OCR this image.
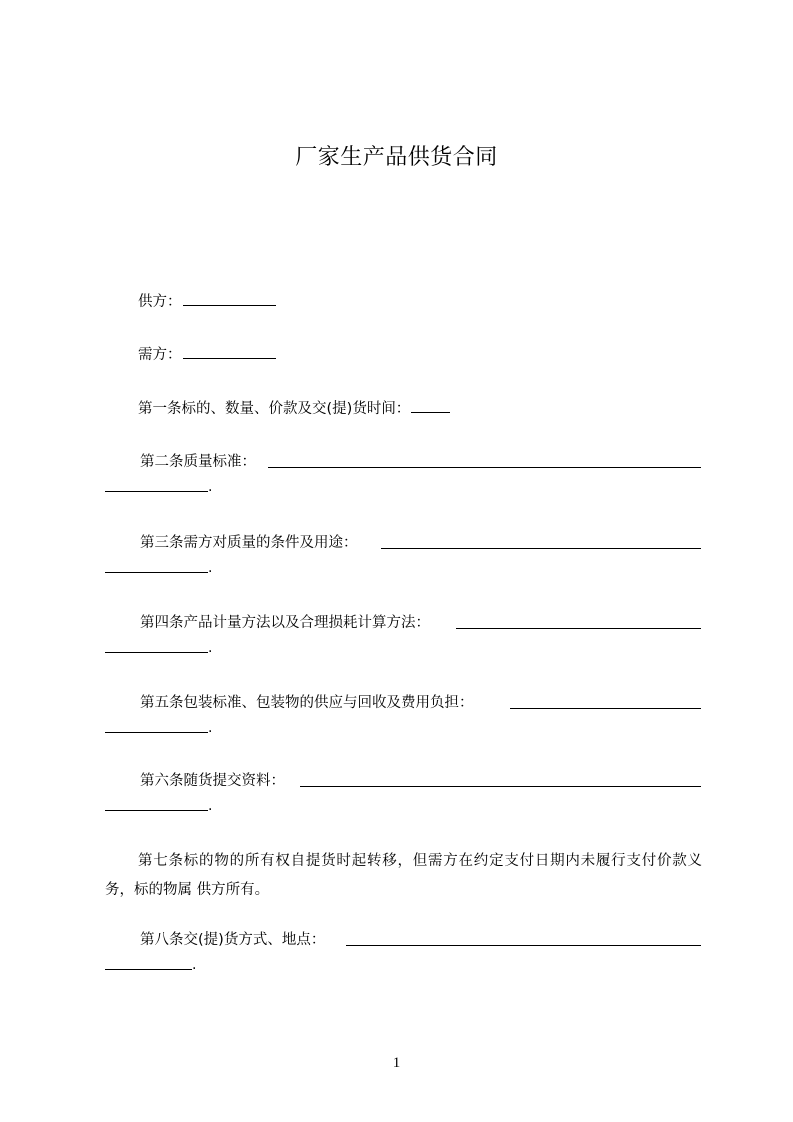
厂家生产品供货合同
供方：
需方：
第一条标的、数量、价款及交(提)货时间：
第二条质量标准：
.
第三条需方对质量的条件及用途：
.
第四条产品计量方法以及合理损耗计算方法：
.
第五条包装标准、包装物的供应与回收及费用负担：
.
第六条随货提交资料：
.
第七条标的物的所有权自提货时起转移，但需方在约定支付日期内未履行支付价款义务，标的物属 供方所有。
第八条交(提)货方式、地点：
.
1
